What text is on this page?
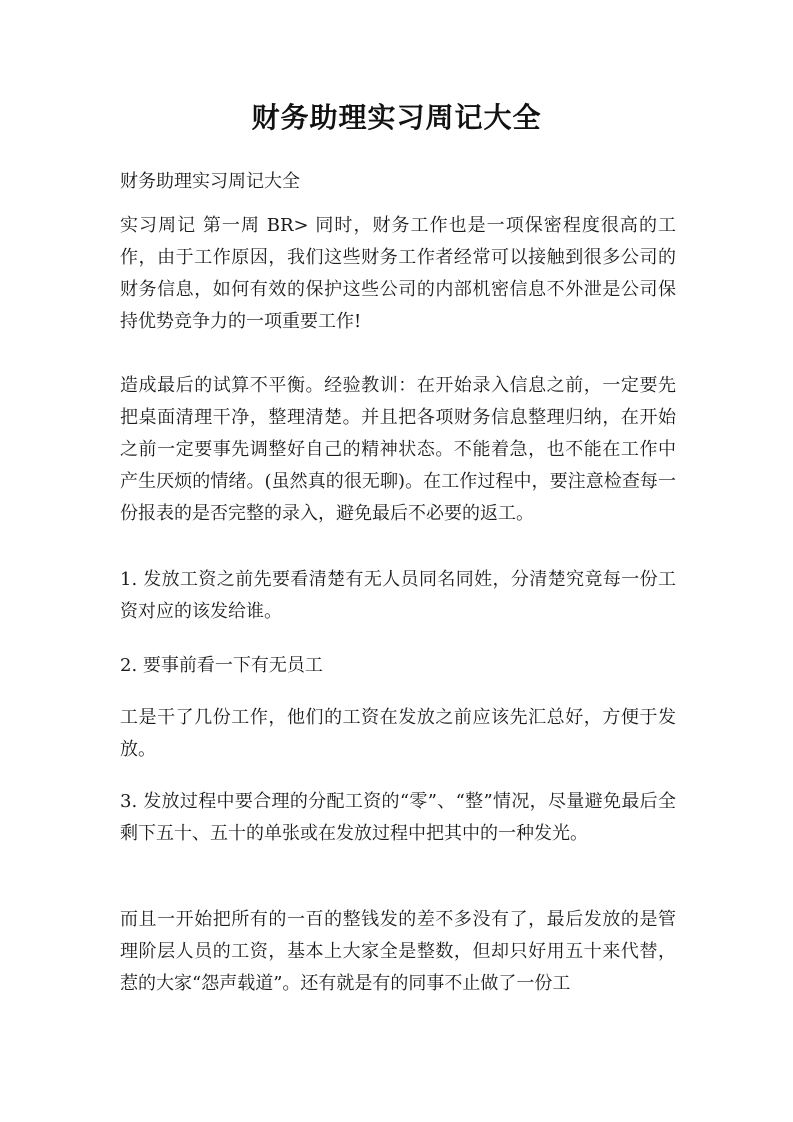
财务助理实习周记大全

财务助理实习周记大全

实习周记 第一周 BR> 同时，财务工作也是一项保密程度很高的工作，由于工作原因，我们这些财务工作者经常可以接触到很多公司的财务信息，如何有效的保护这些公司的内部机密信息不外泄是公司保持优势竞争力的一项重要工作!

造成最后的试算不平衡。经验教训：在开始录入信息之前，一定要先把桌面清理干净，整理清楚。并且把各项财务信息整理归纳，在开始之前一定要事先调整好自己的精神状态。不能着急，也不能在工作中产生厌烦的情绪。(虽然真的很无聊)。在工作过程中，要注意检查每一份报表的是否完整的录入，避免最后不必要的返工。

1. 发放工资之前先要看清楚有无人员同名同姓，分清楚究竟每一份工资对应的该发给谁。

2. 要事前看一下有无员工

工是干了几份工作，他们的工资在发放之前应该先汇总好，方便于发放。

3. 发放过程中要合理的分配工资的“零”、“整”情况，尽量避免最后全剩下五十、五十的单张或在发放过程中把其中的一种发光。

而且一开始把所有的一百的整钱发的差不多没有了，最后发放的是管理阶层人员的工资，基本上大家全是整数，但却只好用五十来代替，惹的大家“怨声载道”。还有就是有的同事不止做了一份工
